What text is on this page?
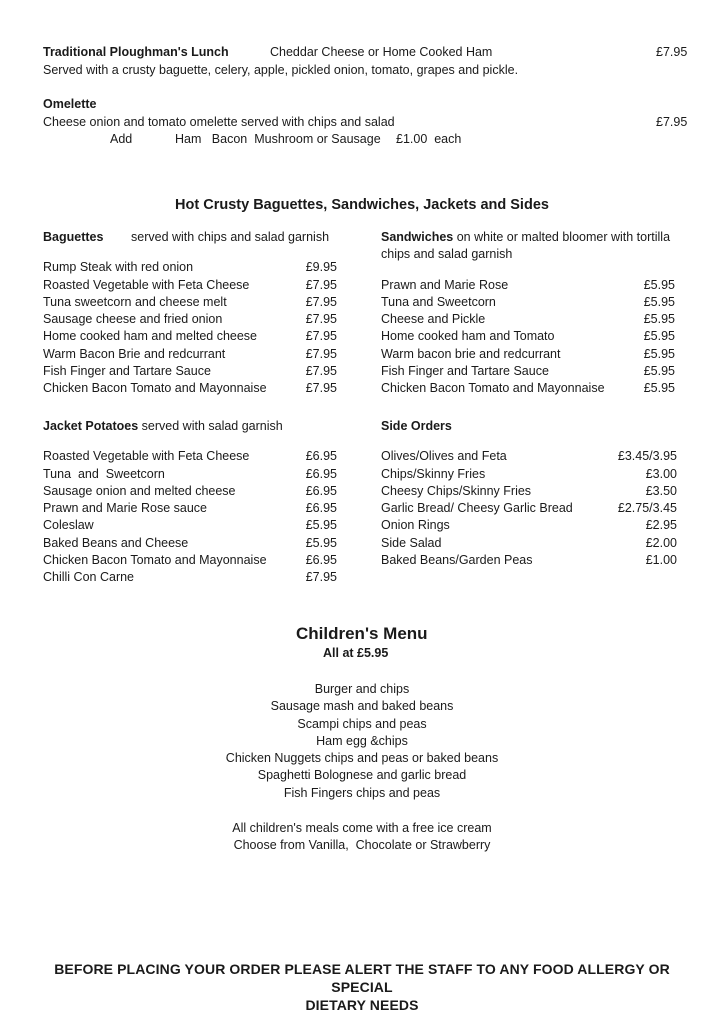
Traditional Ploughman's Lunch	Cheddar Cheese or Home Cooked Ham	£7.95
Served with a crusty baguette, celery, apple, pickled onion, tomato, grapes and pickle.
Omelette
Cheese onion and tomato omelette served with chips and salad	£7.95
Add	Ham   Bacon  Mushroom or Sausage £1.00  each
Hot Crusty Baguettes, Sandwiches, Jackets and Sides
Baguettes served with chips and salad garnish
Rump Steak with red onion	£9.95
Roasted Vegetable with Feta Cheese	£7.95
Tuna sweetcorn and cheese melt	£7.95
Sausage cheese and fried onion	£7.95
Home cooked ham and melted cheese	£7.95
Warm Bacon Brie and redcurrant	£7.95
Fish Finger and Tartare Sauce	£7.95
Chicken Bacon Tomato and Mayonnaise	£7.95
Sandwiches on white or malted bloomer with tortilla
chips and salad garnish
Prawn and Marie Rose	£5.95
Tuna and Sweetcorn	£5.95
Cheese and Pickle	£5.95
Home cooked ham and Tomato	£5.95
Warm bacon brie and redcurrant	£5.95
Fish Finger and Tartare Sauce	£5.95
Chicken Bacon Tomato and Mayonnaise	£5.95
Jacket Potatoes served with salad garnish
Roasted Vegetable with Feta Cheese	£6.95
Tuna  and  Sweetcorn	£6.95
Sausage onion and melted cheese	£6.95
Prawn and Marie Rose sauce	£6.95
Coleslaw	£5.95
Baked Beans and Cheese	£5.95
Chicken Bacon Tomato and Mayonnaise	£6.95
Chilli Con Carne	£7.95
Side Orders
Olives/Olives and Feta	£3.45/3.95
Chips/Skinny Fries	£3.00
Cheesy Chips/Skinny Fries	£3.50
Garlic Bread/ Cheesy Garlic Bread	£2.75/3.45
Onion Rings	£2.95
Side Salad	£2.00
Baked Beans/Garden Peas	£1.00
Children's Menu
All at £5.95
Burger and chips
Sausage mash and baked beans
Scampi chips and peas
Ham egg &chips
Chicken Nuggets chips and peas or baked beans
Spaghetti Bolognese and garlic bread
Fish Fingers chips and peas
All children's meals come with a free ice cream
Choose from Vanilla,  Chocolate or Strawberry
BEFORE PLACING YOUR ORDER PLEASE ALERT THE STAFF TO ANY FOOD ALLERGY OR SPECIAL
DIETARY NEEDS
